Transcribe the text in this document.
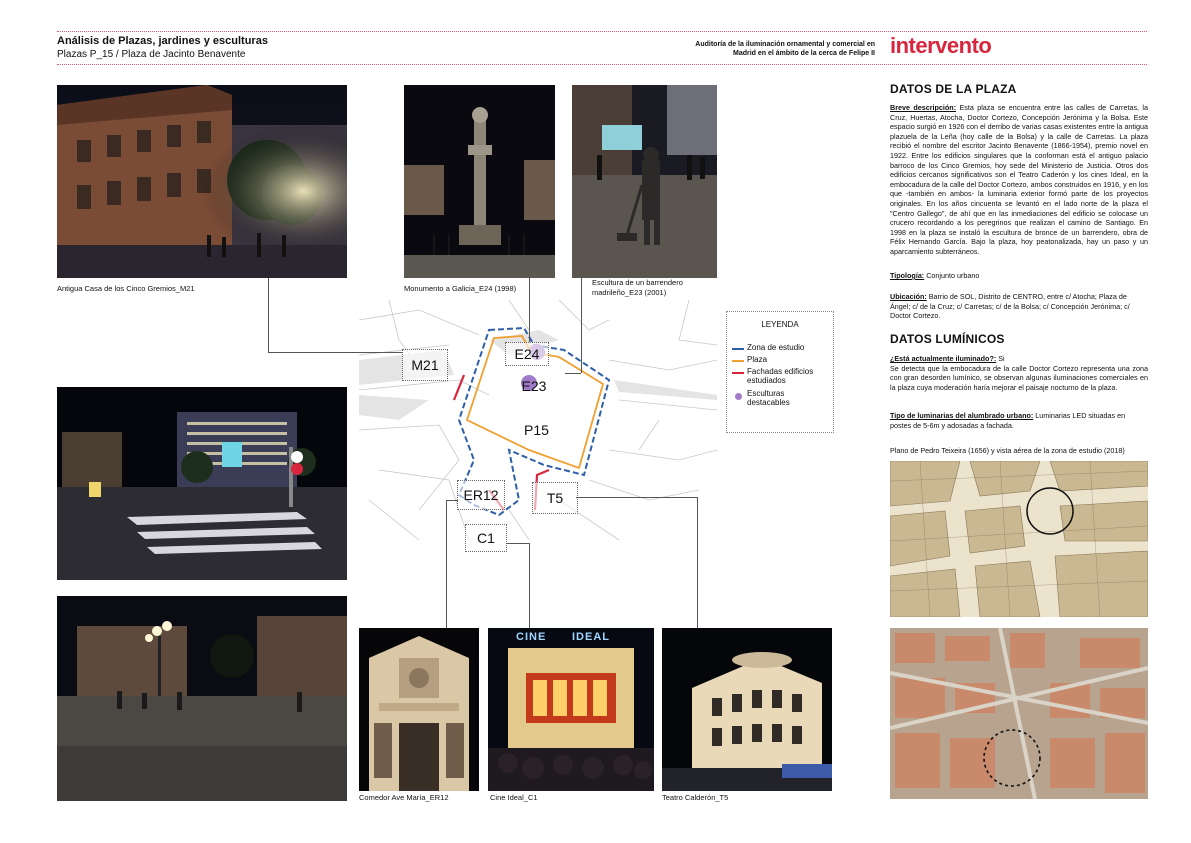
Análisis de Plazas, jardines y esculturas
Plazas P_15 / Plaza de Jacinto Benavente
Auditoría de la iluminación ornamental y comercial en
Madrid en el ámbito de la cerca de Felipe II intervento
Antigua Casa de los Cinco Gremios_M21	Monumento a Galicia_E24 (1998)
Escultura de un barrendero
madrileño_E23 (2001)
Comedor Ave María_ER12
CINE IDEAL
Cine Ideal_C1	Teatro Calderón_T5
M21
E24
E23
P15
ER12	T5
C1
LEYENDA
Zona de estudio
Plaza
Fachadas edificios estudiados
Esculturas destacables
DATOS DE LA PLAZA
Breve descripción: Esta plaza se encuentra entre las calles de Carretas, la Cruz, Huertas, Atocha, Doctor Cortezo, Concepción Jerónima y la Bolsa. Este espacio surgió en 1926 con el derribo de varias casas existentes entre la antigua plazuela de la Leña (hoy calle de la Bolsa) y la calle de Carretas. La plaza recibió el nombre del escritor Jacinto Benavente (1866-1954), premio novel en 1922. Entre los edificios singulares que la conforman está el antiguo palacio barroco de los Cinco Gremios, hoy sede del Ministerio de Justicia. Otros dos edificios cercanos significativos son el Teatro Caderón y los cines Ideal, en la embocadura de la calle del Doctor Cortezo, ambos construidos en 1916, y en los que -también en ambos- la luminaria exterior formó parte de los proyectos originales. En los años cincuenta se levantó en el lado norte de la plaza el "Centro Gallego", de ahí que en las inmediaciones del edificio se colocase un crucero recordando a los peregrinos que realizan el camino de Santiago. En 1998 en la plaza se instaló la escultura de bronce de un barrendero, obra de Félix Hernando García. Bajo la plaza, hoy peatonalizada, hay un paso y un aparcamiento subterráneos.
Tipología: Conjunto urbano
Ubicación: Barrio de SOL, Distrito de CENTRO, entre c/ Atocha; Plaza de Ángel; c/ de la Cruz; c/ Carretas; c/ de la Bolsa; c/ Concepción Jerónima; c/ Doctor Cortezo.
DATOS LUMÍNICOS
¿Está actualmente iluminado?: Si
Se detecta que la embocadura de la calle Doctor Cortezo representa una zona con gran desorden lumínico, se observan algunas iluminaciones comerciales en la plaza cuya moderación haría mejorar el paisaje nocturno de la plaza.
Tipo de luminarias del alumbrado urbano: Luminarias LED situadas en postes de 5-6m y adosadas a fachada.
Plano de Pedro Teixeira (1656) y vista aérea de la zona de estudio (2018)
